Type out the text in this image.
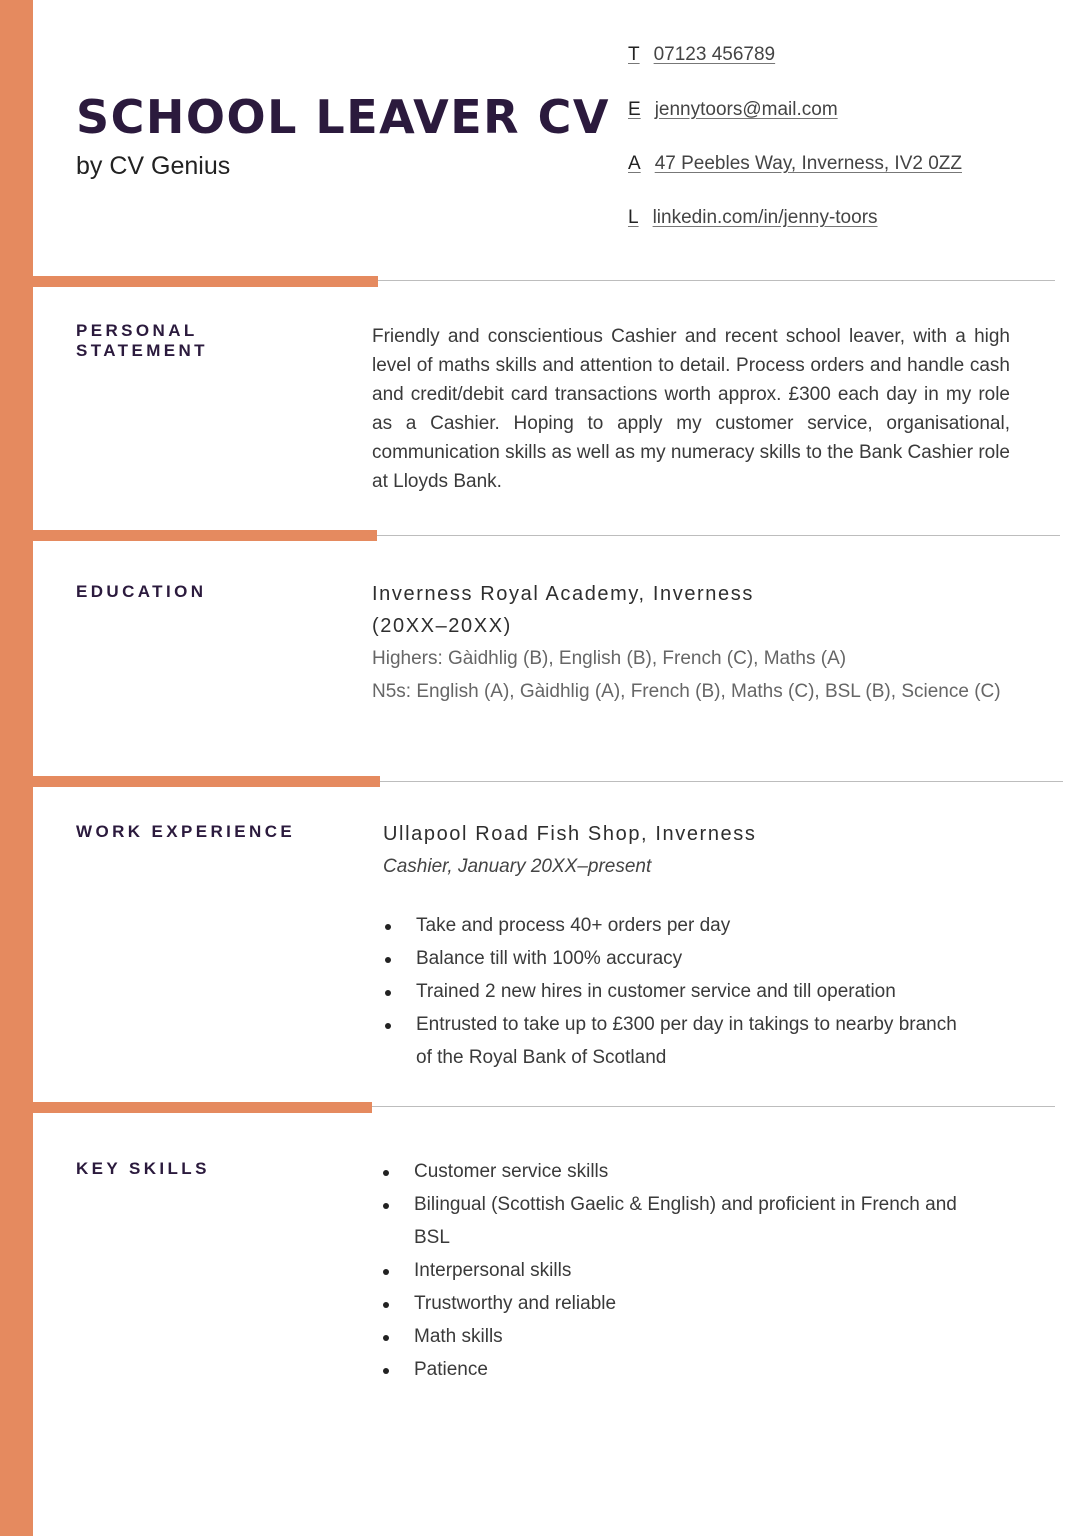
SCHOOL LEAVER CV
by CV Genius
T 07123 456789
E jennytoors@mail.com
A 47 Peebles Way, Inverness, IV2 0ZZ
L linkedin.com/in/jenny-toors
PERSONAL
STATEMENT
Friendly and conscientious Cashier and recent school leaver, with a high level of maths skills and attention to detail. Process orders and handle cash and credit/debit card transactions worth approx. £300 each day in my role as a Cashier. Hoping to apply my customer service, organisational, communication skills as well as my numeracy skills to the Bank Cashier role at Lloyds Bank.
EDUCATION	Inverness Royal Academy, Inverness
(20XX–20XX)
Highers: Gàidhlig (B), English (B), French (C), Maths (A)
N5s: English (A), Gàidhlig (A), French (B), Maths (C), BSL (B), Science (C)
WORK EXPERIENCE	Ullapool Road Fish Shop, Inverness
Cashier, January 20XX–present
Take and process 40+ orders per day
Balance till with 100% accuracy
Trained 2 new hires in customer service and till operation
Entrusted to take up to £300 per day in takings to nearby branch of the Royal Bank of Scotland
KEY SKILLS	Customer service skills
Bilingual (Scottish Gaelic & English) and proficient in French and BSL
Interpersonal skills
Trustworthy and reliable
Math skills
Patience
